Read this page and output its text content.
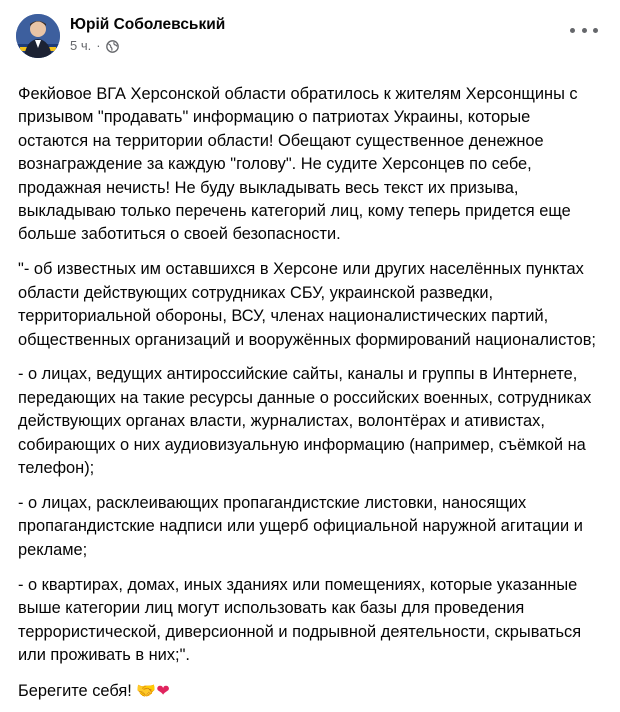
Юрій Соболевський
5 ч. ·

Фекйовое ВГА Херсонской области обратилось к жителям Херсонщины с призывом "продавать" информацию о патриотах Украины, которые остаются на территории области! Обещают существенное денежное вознаграждение за каждую "голову". Не судите Херсонцев по себе, продажная нечисть! Не буду выкладывать весь текст их призыва, выкладываю только перечень категорий лиц, кому теперь придется еще больше заботиться о своей безопасности.

"- об известных им оставшихся в Херсоне или других населённых пунктах области действующих сотрудниках СБУ, украинской разведки, территориальной обороны, ВСУ, членах националистических партий, общественных организаций и вооружённых формирований националистов;

- о лицах, ведущих антироссийские сайты, каналы и группы в Интернете, передающих на такие ресурсы данные о российских военных, сотрудниках действующих органах власти, журналистах, волонтёрах и ативистах, собирающих о них аудиовизуальную информацию (например, съёмкой на телефон);

- о лицах, расклеивающих пропагандистские листовки, наносящих пропагандистские надписи или ущерб официальной наружной агитации и рекламе;

- о квартирах, домах, иных зданиях или помещениях, которые указанные выше категории лиц могут использовать как базы для проведения террористической, диверсионной и подрывной деятельности, скрываться или проживать в них;".

Берегите себя! 🤝❤
